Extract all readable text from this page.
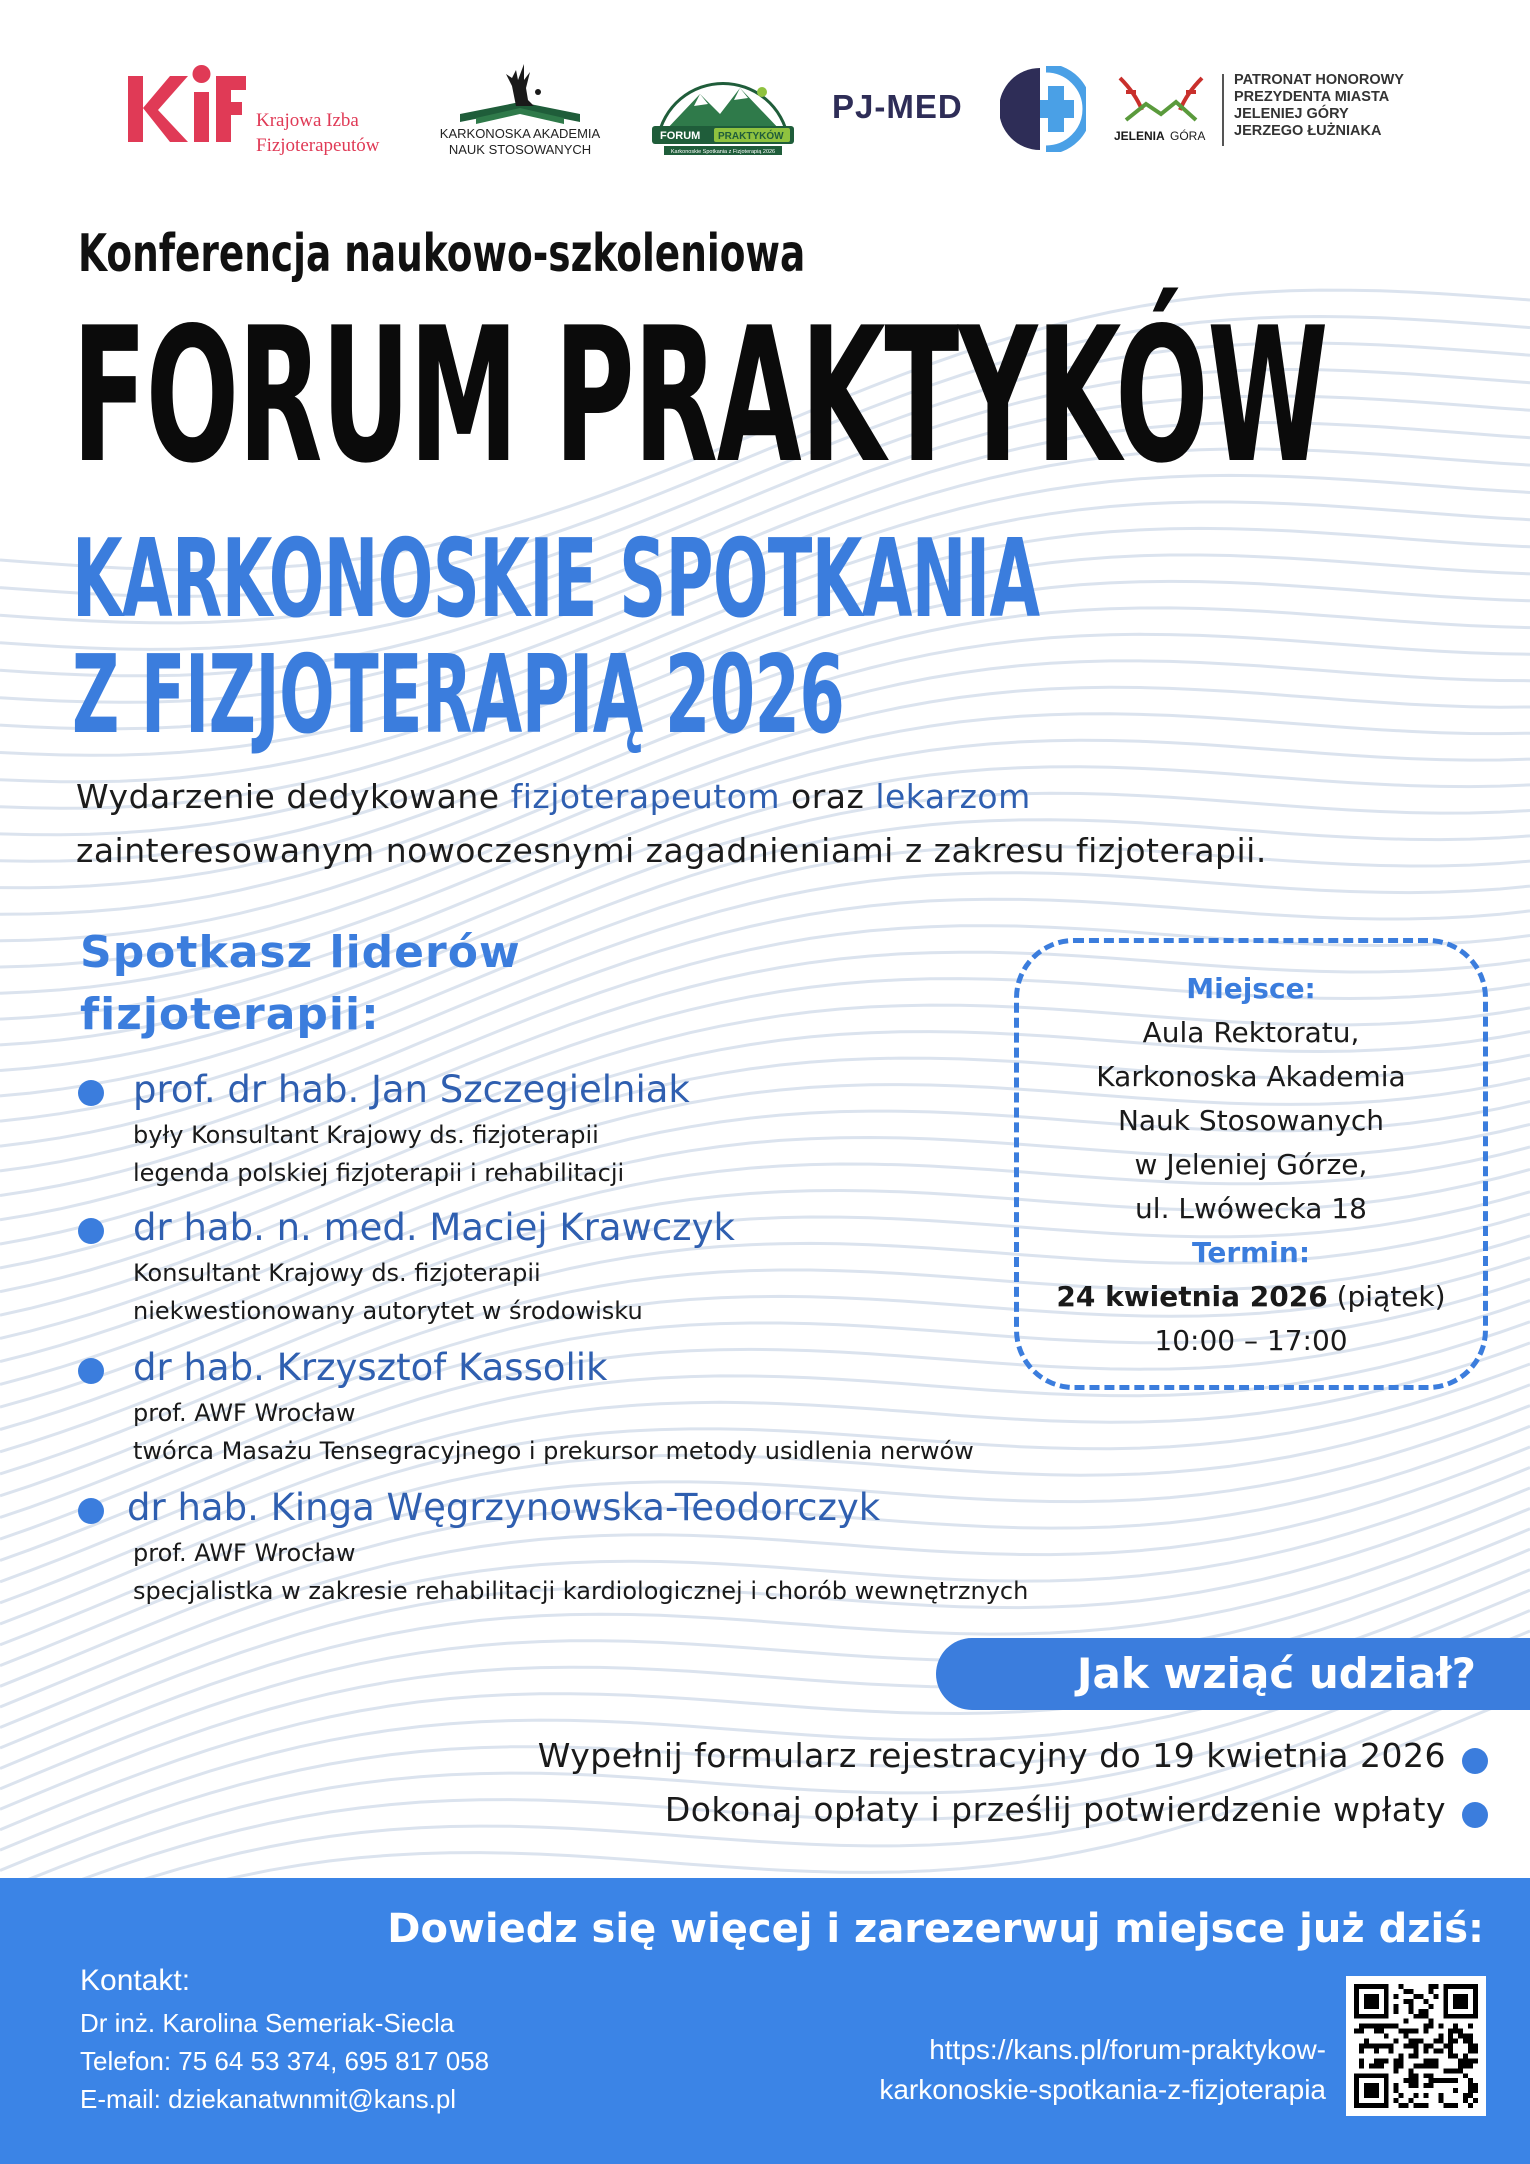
Krajowa Izba
Fizjoterapeutów
KARKONOSKA AKADEMIA
NAUK STOSOWANYCH
FORUM PRAKTYKÓW
Karkonoskie Spotkania z Fizjoterapią 2026
PJ-MED
JELENIA GÓRA
PATRONAT HONOROWY
PREZYDENTA MIASTA
JELENIEJ GÓRY
JERZEGO ŁUŻNIAKA
Konferencja naukowo-szkoleniowa
FORUM PRAKTYKÓW
KARKONOSKIE SPOTKANIA
Z FIZJOTERAPIĄ 2026
Wydarzenie dedykowane fizjoterapeutom oraz lekarzom
zainteresowanym nowoczesnymi zagadnieniami z zakresu fizjoterapii.
Spotkasz liderów
fizjoterapii:
prof. dr hab. Jan Szczegielniak
były Konsultant Krajowy ds. fizjoterapii
legenda polskiej fizjoterapii i rehabilitacji
dr hab. n. med. Maciej Krawczyk
Konsultant Krajowy ds. fizjoterapii
niekwestionowany autorytet w środowisku
dr hab. Krzysztof Kassolik
prof. AWF Wrocław
twórca Masażu Tensegracyjnego i prekursor metody usidlenia nerwów
dr hab. Kinga Węgrzynowska-Teodorczyk
prof. AWF Wrocław
specjalistka w zakresie rehabilitacji kardiologicznej i chorób wewnętrznych
Miejsce:
Aula Rektoratu,
Karkonoska Akademia
Nauk Stosowanych
w Jeleniej Górze,
ul. Lwówecka 18
Termin:
24 kwietnia 2026 (piątek)
10:00 – 17:00
Jak wziąć udział?
Wypełnij formularz rejestracyjny do 19 kwietnia 2026
Dokonaj opłaty i prześlij potwierdzenie wpłaty
Dowiedz się więcej i zarezerwuj miejsce już dziś:
Kontakt:
Dr inż. Karolina Semeriak-Siecla
Telefon: 75 64 53 374, 695 817 058
E-mail: dziekanatwnmit@kans.pl
https://kans.pl/forum-praktykow-
karkonoskie-spotkania-z-fizjoterapia
